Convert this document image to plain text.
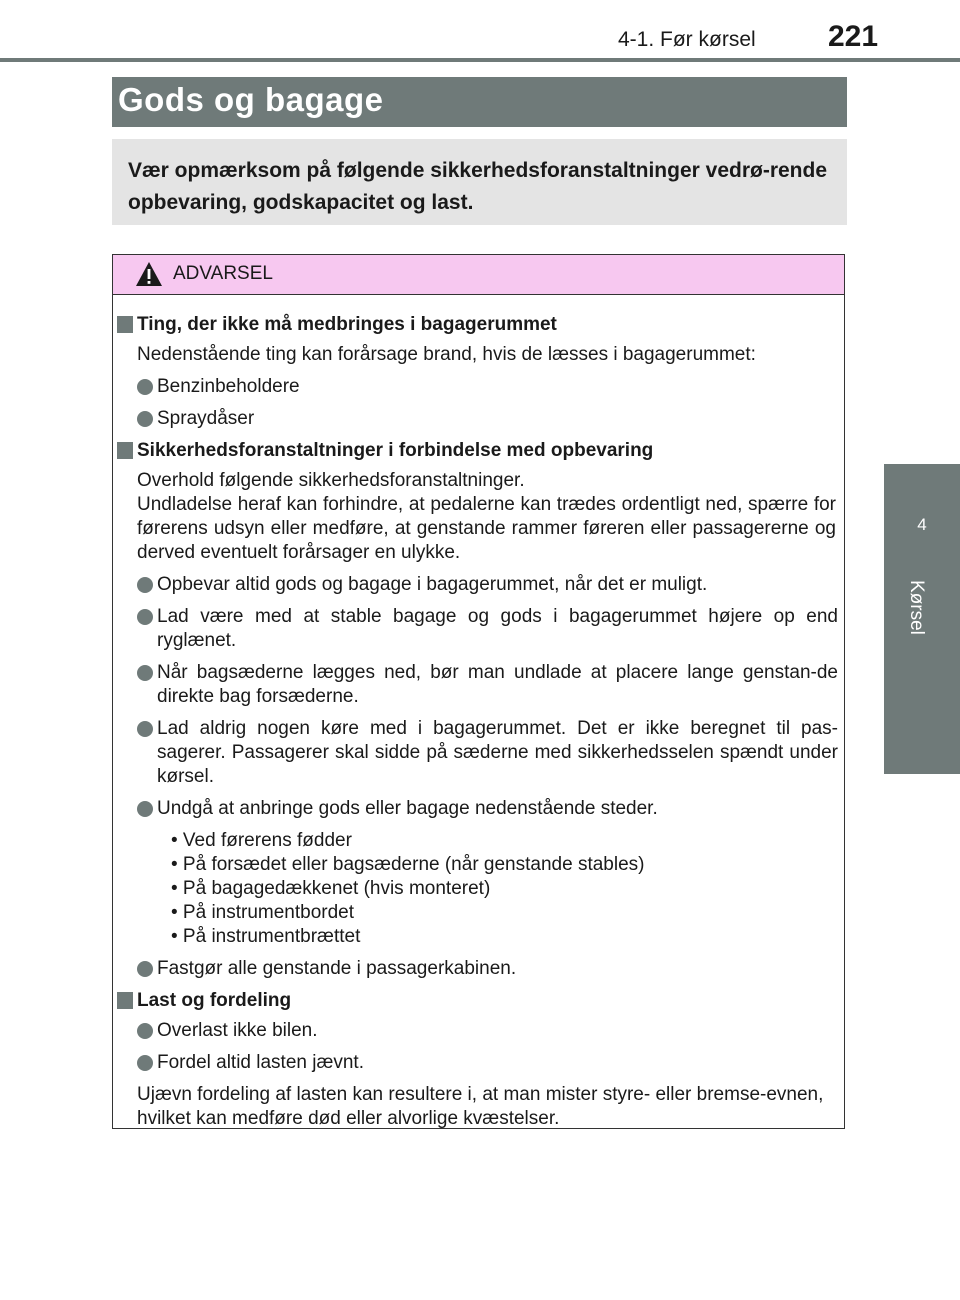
4-1. Før kørsel 221
4
Kørsel
Gods og bagage
Vær opmærksom på følgende sikkerhedsforanstaltninger vedrø-rende opbevaring, godskapacitet og last.
ADVARSEL
Ting, der ikke må medbringes i bagagerummet
Nedenstående ting kan forårsage brand, hvis de læsses i bagagerummet:
Benzinbeholdere
Spraydåser
Sikkerhedsforanstaltninger i forbindelse med opbevaring
Overhold følgende sikkerhedsforanstaltninger.
Undladelse heraf kan forhindre, at pedalerne kan trædes ordentligt ned, spærre for førerens udsyn eller medføre, at genstande rammer føreren eller passagererne og derved eventuelt forårsager en ulykke.
Opbevar altid gods og bagage i bagagerummet, når det er muligt.
Lad være med at stable bagage og gods i bagagerummet højere op end ryglænet.
Når bagsæderne lægges ned, bør man undlade at placere lange genstan-de direkte bag forsæderne.
Lad aldrig nogen køre med i bagagerummet. Det er ikke beregnet til pas-sagerer. Passagerer skal sidde på sæderne med sikkerhedsselen spændt under kørsel.
Undgå at anbringe gods eller bagage nedenstående steder.
• Ved førerens fødder
• På forsædet eller bagsæderne (når genstande stables)
• På bagagedækkenet (hvis monteret)
• På instrumentbordet
• På instrumentbrættet
Fastgør alle genstande i passagerkabinen.
Last og fordeling
Overlast ikke bilen.
Fordel altid lasten jævnt.
Ujævn fordeling af lasten kan resultere i, at man mister styre- eller bremse-evnen, hvilket kan medføre død eller alvorlige kvæstelser.
